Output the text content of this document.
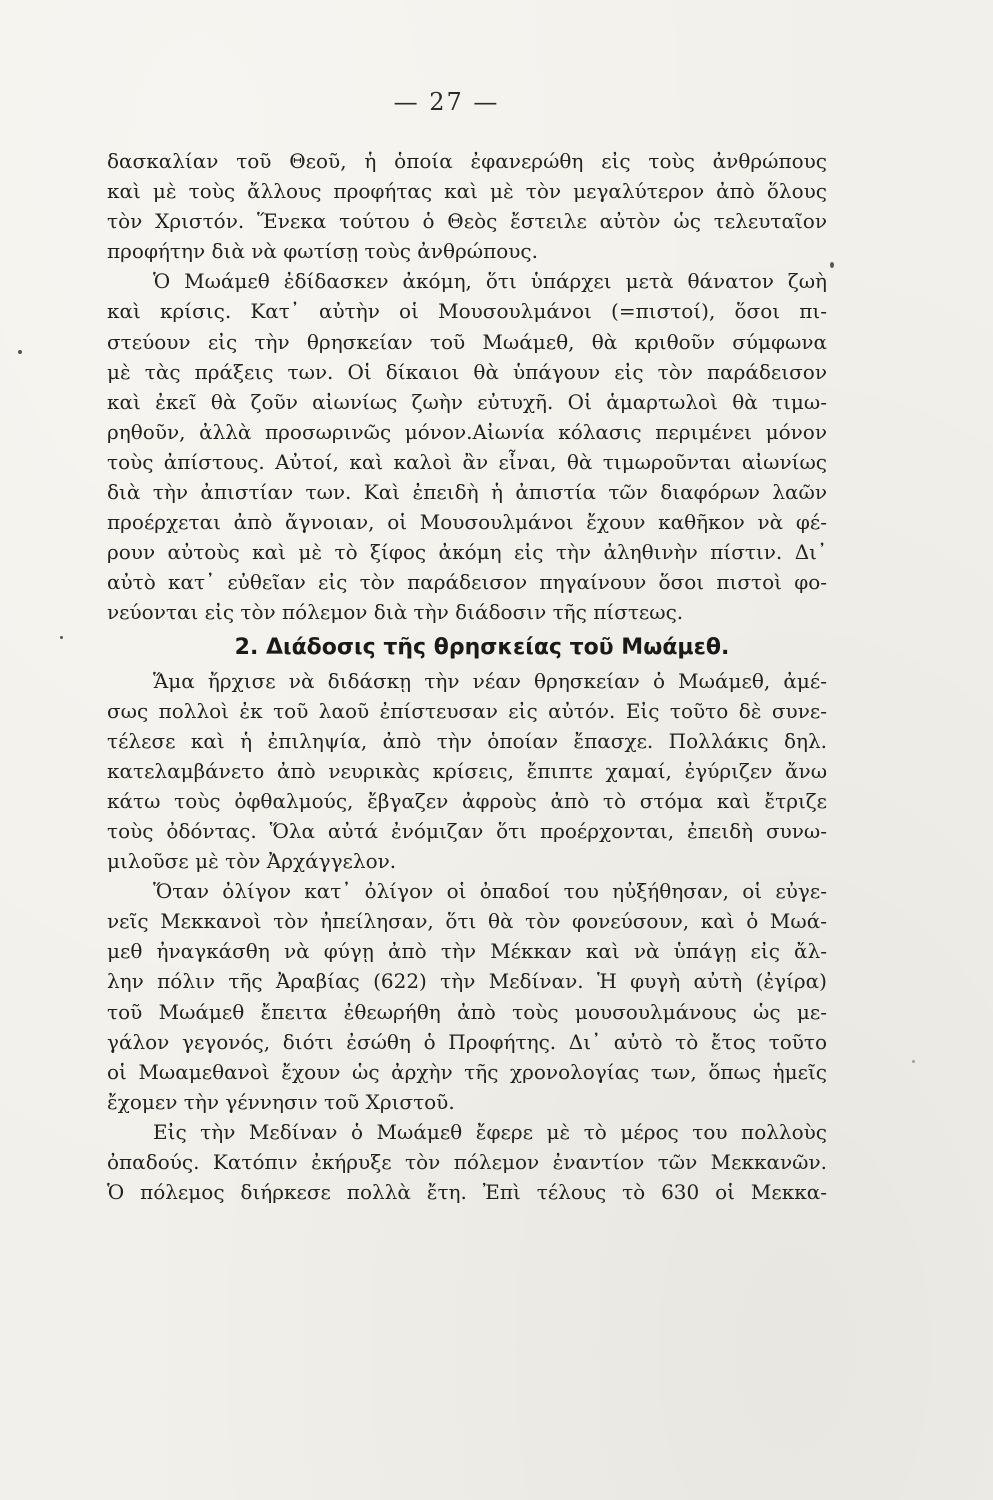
— 27 —
δασκαλίαν τοῦ Θεοῦ, ἡ ὁποία ἐφανερώθη εἰς τοὺς ἀνθρώπους
καὶ μὲ τοὺς ἄλλους προφήτας καὶ μὲ τὸν μεγαλύτερον ἀπὸ ὅλους
τὸν Χριστόν. Ἕνεκα τούτου ὁ Θεὸς ἔστειλε αὐτὸν ὡς τελευταῖον
προφήτην διὰ νὰ φωτίσῃ τοὺς ἀνθρώπους.
Ὁ Μωάμεθ ἐδίδασκεν ἀκόμη, ὅτι ὑπάρχει μετὰ θάνατον ζωὴ
καὶ κρίσις. Κατ᾽ αὐτὴν οἱ Μουσουλμάνοι (=πιστοί), ὅσοι πι-
στεύουν εἰς τὴν θρησκείαν τοῦ Μωάμεθ, θὰ κριθοῦν σύμφωνα
μὲ τὰς πράξεις των. Οἱ δίκαιοι θὰ ὑπάγουν εἰς τὸν παράδεισον
καὶ ἐκεῖ θὰ ζοῦν αἰωνίως ζωὴν εὐτυχῆ. Οἱ ἁμαρτωλοὶ θὰ τιμω-
ρηθοῦν, ἀλλὰ προσωρινῶς μόνον.Αἰωνία κόλασις περιμένει μόνον
τοὺς ἀπίστους. Αὐτοί, καὶ καλοὶ ἂν εἶναι, θὰ τιμωροῦνται αἰωνίως
διὰ τὴν ἀπιστίαν των. Καὶ ἐπειδὴ ἡ ἀπιστία τῶν διαφόρων λαῶν
προέρχεται ἀπὸ ἄγνοιαν, οἱ Μουσουλμάνοι ἔχουν καθῆκον νὰ φέ-
ρουν αὐτοὺς καὶ μὲ τὸ ξίφος ἀκόμη εἰς τὴν ἀληθινὴν πίστιν. Δι᾽
αὐτὸ κατ᾽ εὐθεῖαν εἰς τὸν παράδεισον πηγαίνουν ὅσοι πιστοὶ φο-
νεύονται εἰς τὸν πόλεμον διὰ τὴν διάδοσιν τῆς πίστεως.
2. Διάδοσις τῆς θρησκείας τοῦ Μωάμεθ.
Ἅμα ἤρχισε νὰ διδάσκῃ τὴν νέαν θρησκείαν ὁ Μωάμεθ, ἀμέ-
σως πολλοὶ ἐκ τοῦ λαοῦ ἐπίστευσαν εἰς αὐτόν. Εἰς τοῦτο δὲ συνε-
τέλεσε καὶ ἡ ἐπιληψία, ἀπὸ τὴν ὁποίαν ἔπασχε. Πολλάκις δηλ.
κατελαμβάνετο ἀπὸ νευρικὰς κρίσεις, ἔπιπτε χαμαί, ἐγύριζεν ἄνω
κάτω τοὺς ὀφθαλμούς, ἔβγαζεν ἀφροὺς ἀπὸ τὸ στόμα καὶ ἔτριζε
τοὺς ὀδόντας. Ὅλα αὐτά ἐνόμιζαν ὅτι προέρχονται, ἐπειδὴ συνω-
μιλοῦσε μὲ τὸν Ἀρχάγγελον.
Ὅταν ὀλίγον κατ᾽ ὀλίγον οἱ ὀπαδοί του ηὐξήθησαν, οἱ εὐγε-
νεῖς Μεκκανοὶ τὸν ἠπείλησαν, ὅτι θὰ τὸν φονεύσουν, καὶ ὁ Μωά-
μεθ ἠναγκάσθη νὰ φύγῃ ἀπὸ τὴν Μέκκαν καὶ νὰ ὑπάγῃ εἰς ἄλ-
λην πόλιν τῆς Ἀραβίας (622) τὴν Μεδίναν. Ἡ φυγὴ αὐτὴ (ἐγίρα)
τοῦ Μωάμεθ ἔπειτα ἐθεωρήθη ἀπὸ τοὺς μουσουλμάνους ὡς με-
γάλον γεγονός, διότι ἐσώθη ὁ Προφήτης. Δι᾽ αὐτὸ τὸ ἔτος τοῦτο
οἱ Μωαμεθανοὶ ἔχουν ὡς ἀρχὴν τῆς χρονολογίας των, ὅπως ἡμεῖς
ἔχομεν τὴν γέννησιν τοῦ Χριστοῦ.
Εἰς τὴν Μεδίναν ὁ Μωάμεθ ἔφερε μὲ τὸ μέρος του πολλοὺς
ὀπαδούς. Κατόπιν ἐκήρυξε τὸν πόλεμον ἐναντίον τῶν Μεκκανῶν.
Ὁ πόλεμος διήρκεσε πολλὰ ἔτη. Ἐπὶ τέλους τὸ 630 οἱ Μεκκα-
